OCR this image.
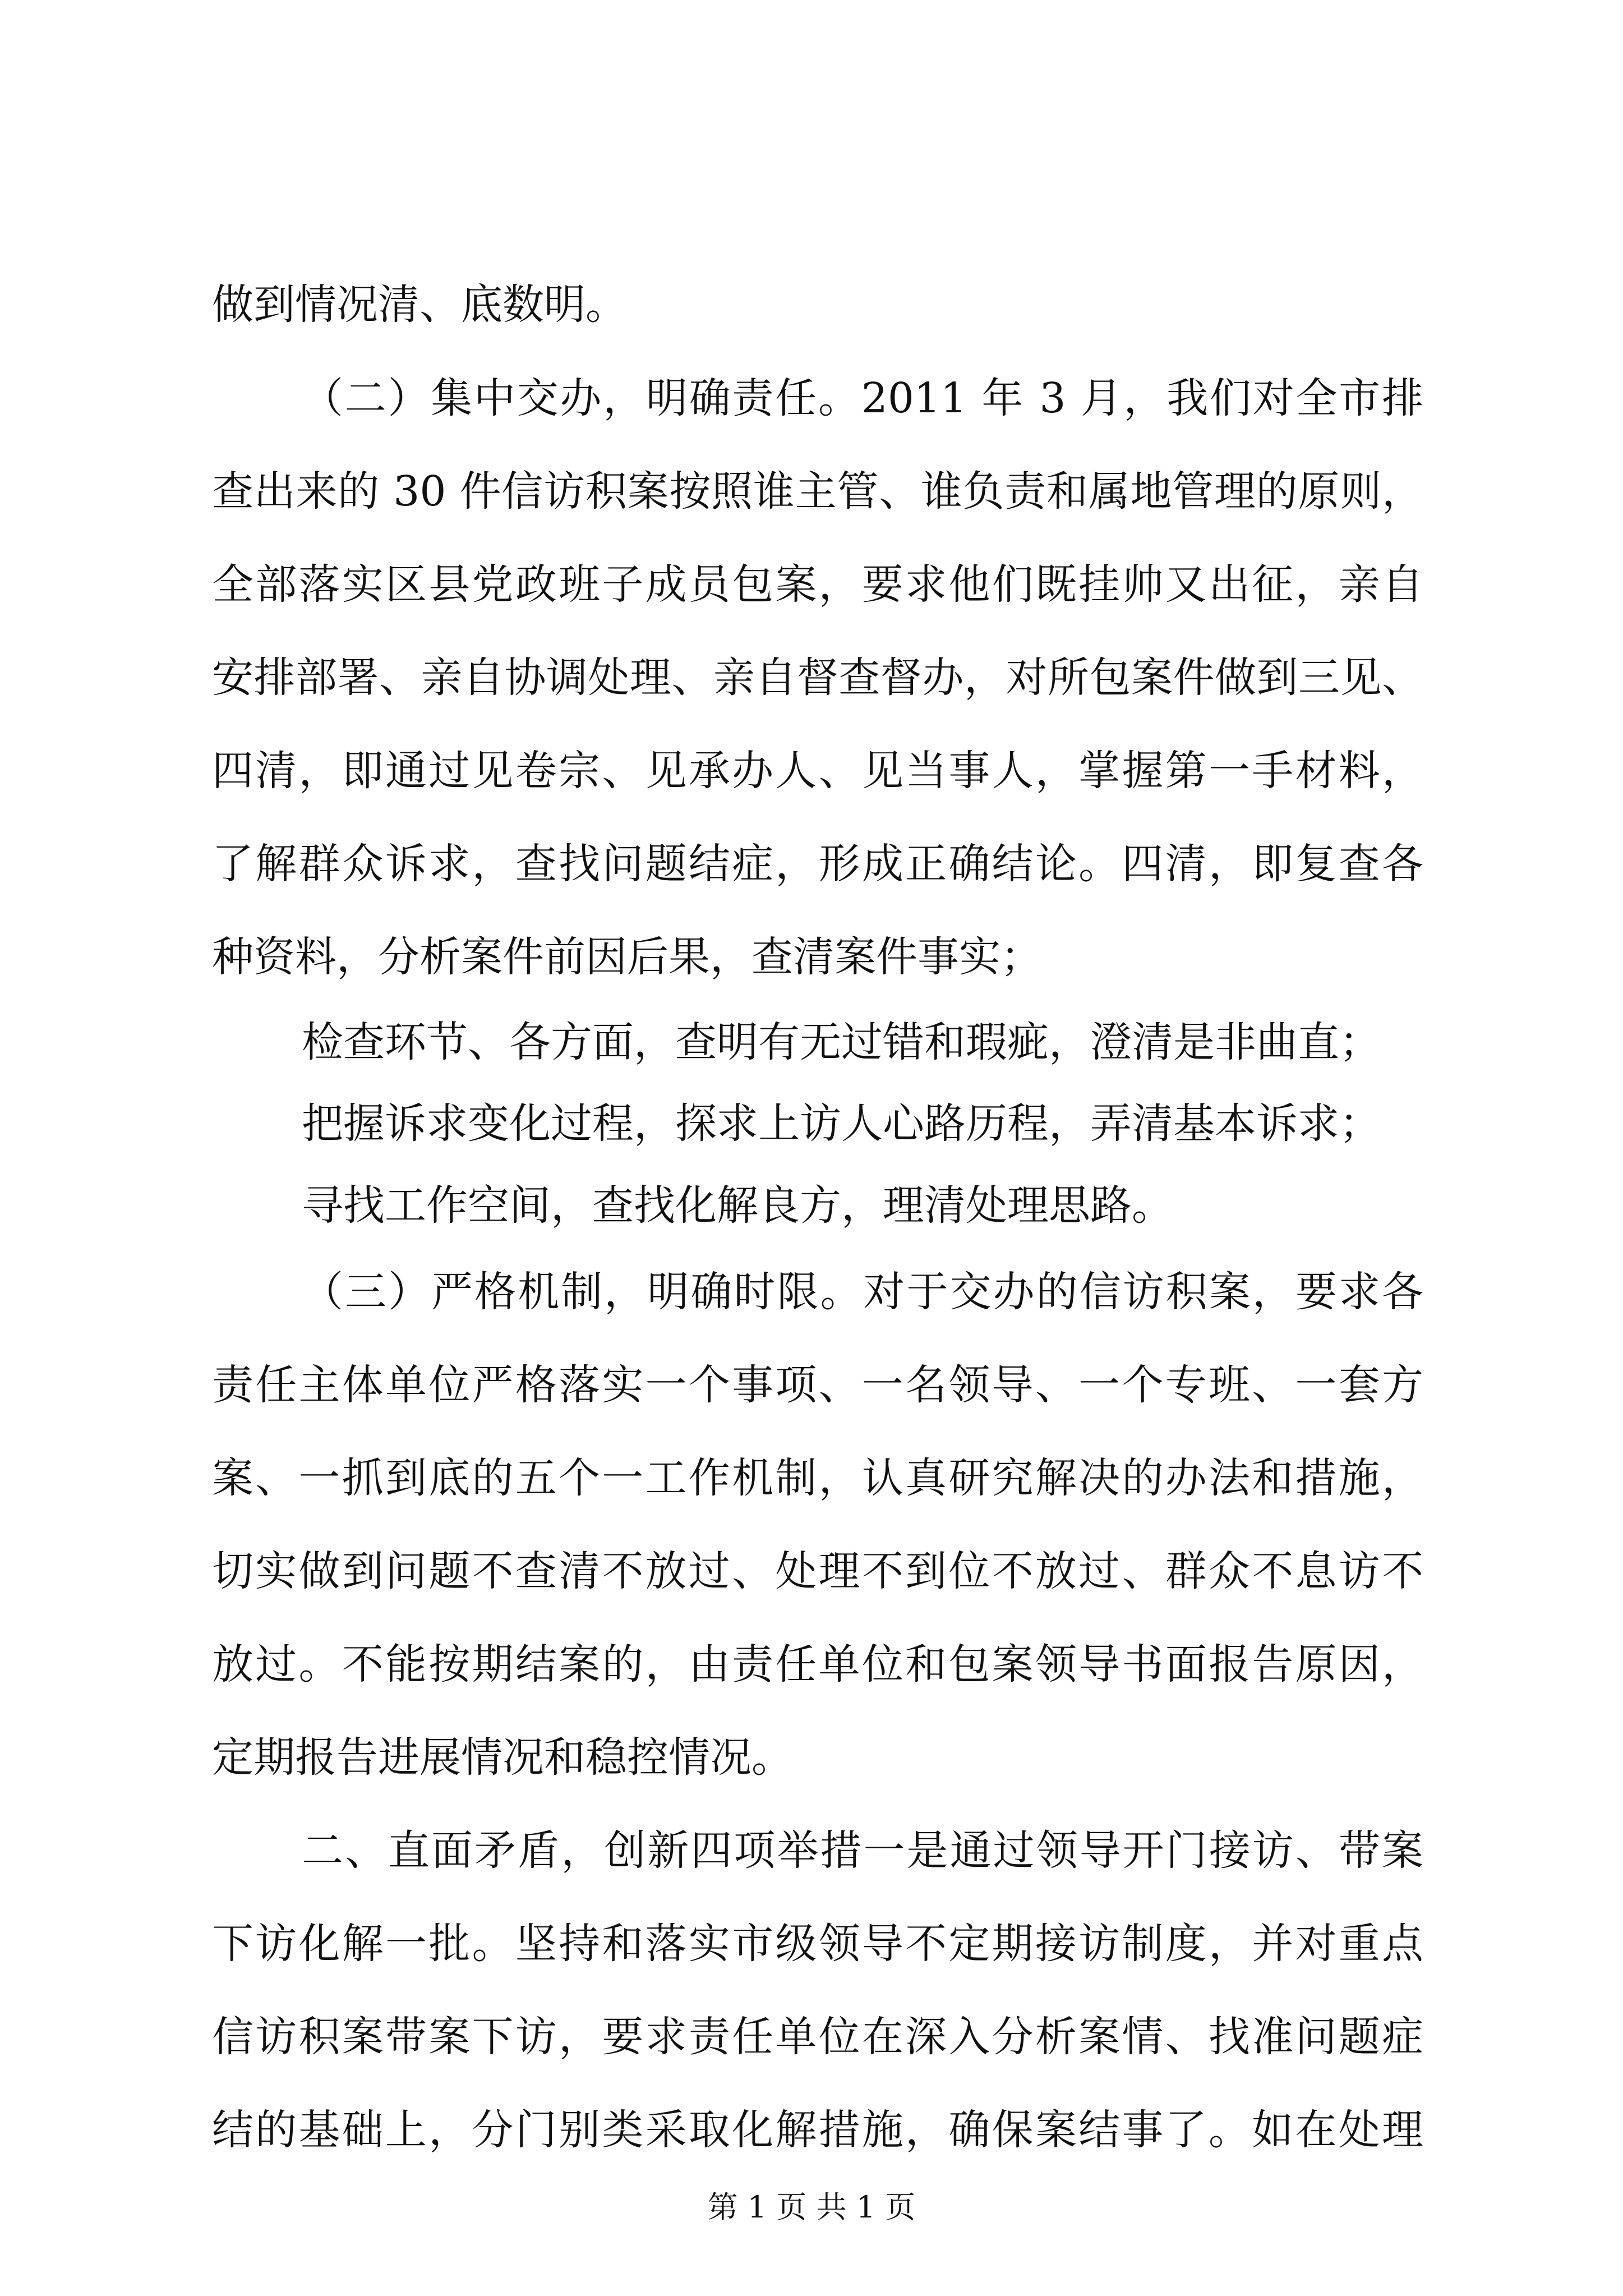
做到情况清、底数明。
（二）集中交办，明确责任。2011 年 3 月，我们对全市排
查出来的 30 件信访积案按照谁主管、谁负责和属地管理的原则，
全部落实区县党政班子成员包案，要求他们既挂帅又出征，亲自
安排部署、亲自协调处理、亲自督查督办，对所包案件做到三见、
四清，即通过见卷宗、见承办人、见当事人，掌握第一手材料，
了解群众诉求，查找问题结症，形成正确结论。四清，即复查各
种资料，分析案件前因后果，查清案件事实；
检查环节、各方面，查明有无过错和瑕疵，澄清是非曲直；
把握诉求变化过程，探求上访人心路历程，弄清基本诉求；
寻找工作空间，查找化解良方，理清处理思路。
（三）严格机制，明确时限。对于交办的信访积案，要求各
责任主体单位严格落实一个事项、一名领导、一个专班、一套方
案、一抓到底的五个一工作机制，认真研究解决的办法和措施，
切实做到问题不查清不放过、处理不到位不放过、群众不息访不
放过。不能按期结案的，由责任单位和包案领导书面报告原因，
定期报告进展情况和稳控情况。
二、直面矛盾，创新四项举措一是通过领导开门接访、带案
下访化解一批。坚持和落实市级领导不定期接访制度，并对重点
信访积案带案下访，要求责任单位在深入分析案情、找准问题症
结的基础上，分门别类采取化解措施，确保案结事了。如在处理
第 1 页 共 1 页
